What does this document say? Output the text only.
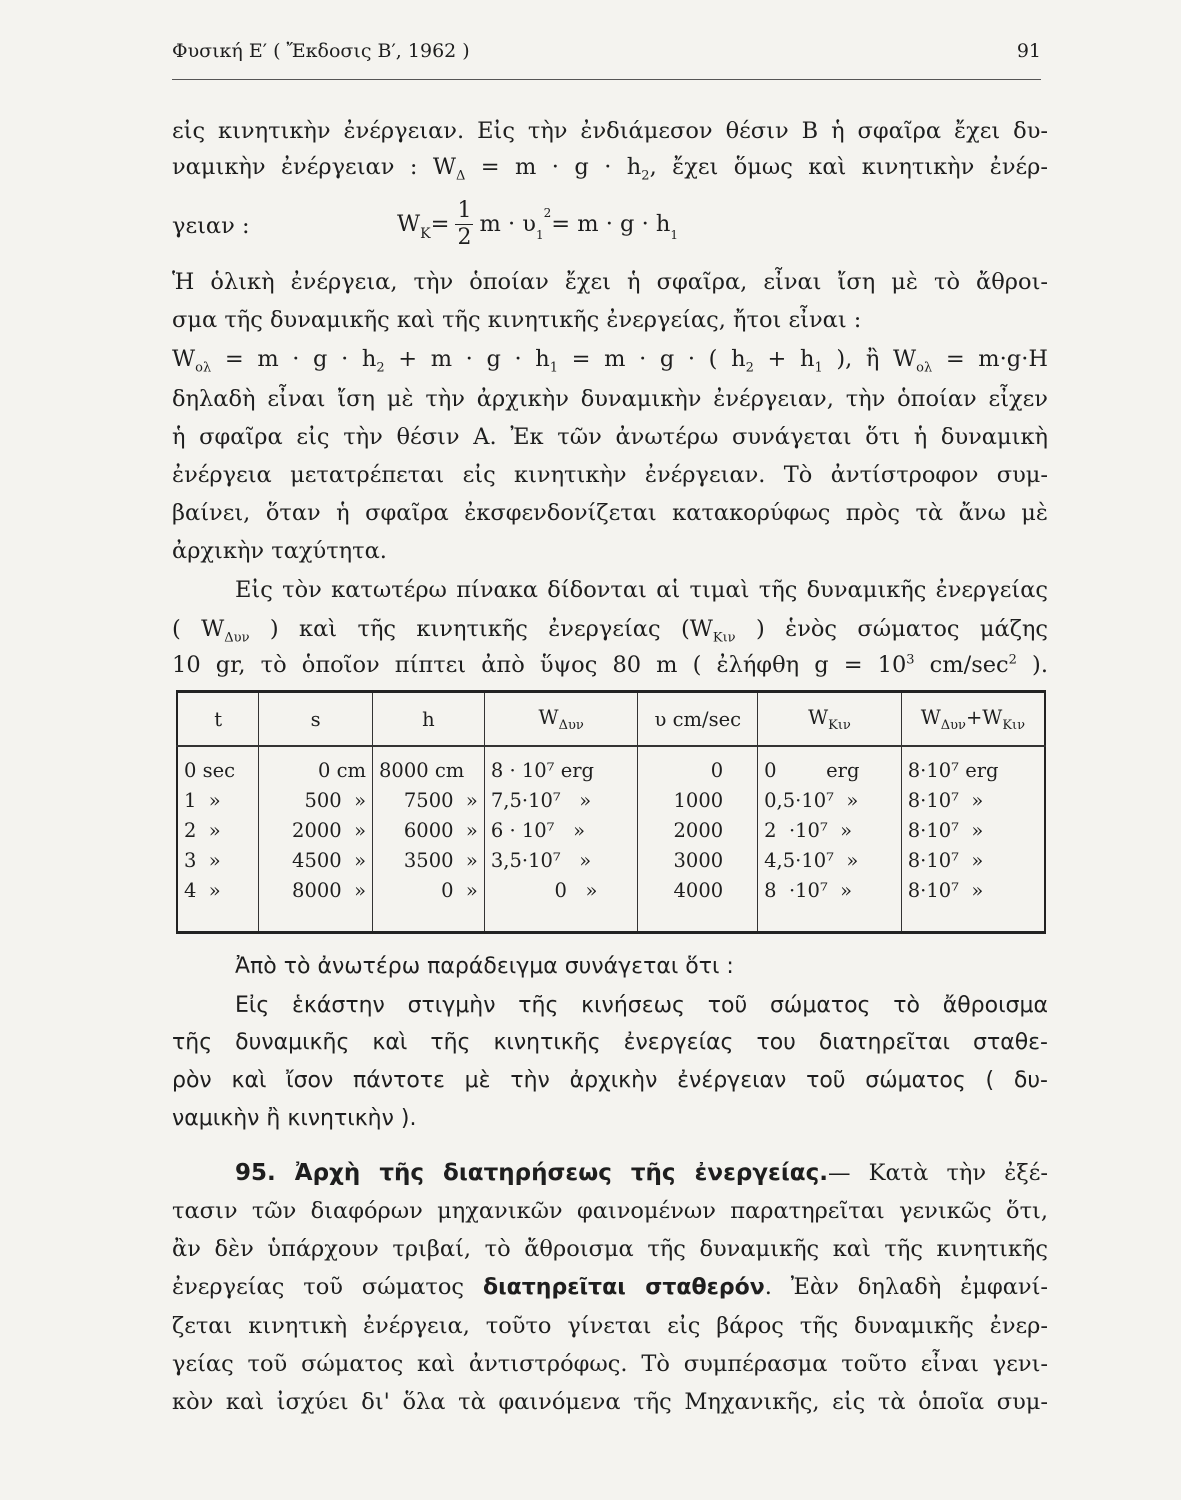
Φυσική Ε′ ( Ἔκδοσις Β′, 1962 )	91
εἰς κινητικὴν ἐνέργειαν. Εἰς τὴν ἐνδιάμεσον θέσιν Β ἡ σφαῖρα ἔχει δυ-
ναμικὴν ἐνέργειαν : $W_\Delta = m \cdot g \cdot h_2$, ἔχει ὅμως καὶ κινητικὴν ἐνέρ-
γειαν :	$W_K = \frac{1}{2}$ $m \cdot \upsilon_1$
$2 = m \cdot g \cdot h_1$
Ἡ ὁλικὴ ἐνέργεια, τὴν ὁποίαν ἔχει ἡ σφαῖρα, εἶναι ἴση μὲ τὸ ἄθροι-
σμα τῆς δυναμικῆς καὶ τῆς κινητικῆς ἐνεργείας, ἤτοι εἶναι :
$W_{o\lambda} = m \cdot g \cdot h_2 + m \cdot g \cdot h_1 = m \cdot g$ · ( $h_2 + h_1$ ), ἢ $W_{o\lambda} = m\cdot g\cdot H$
δηλαδὴ εἶναι ἴση μὲ τὴν ἀρχικὴν δυναμικὴν ἐνέργειαν, τὴν ὁποίαν εἶχεν
ἡ σφαῖρα εἰς τὴν θέσιν Α. Ἐκ τῶν ἀνωτέρω συνάγεται ὅτι ἡ δυναμικὴ
ἐνέργεια μετατρέπεται εἰς κινητικὴν ἐνέργειαν. Τὸ ἀντίστροφον συμ-
βαίνει, ὅταν ἡ σφαῖρα ἐκσφενδονίζεται κατακορύφως πρὸς τὰ ἄνω μὲ
ἀρχικὴν ταχύτητα.
Εἰς τὸν κατωτέρω πίνακα δίδονται αἱ τιμαὶ τῆς δυναμικῆς ἐνεργείας
( $W_{\Delta\upsilon\nu}$ ) καὶ τῆς κινητικῆς ἐνεργείας ($W_{K\iota\nu}$ ) ἑνὸς σώματος μάζης
10 gr, τὸ ὁποῖον πίπτει ἀπὸ ὕψος 80 m ( ἐλήφθη $g = 10^3$ $cm/\sec^2$ ).
t	s	h	$W_{\Delta\upsilon\nu}$	υ cm/sec	$W_{K\iota\nu}$	$W_{\Delta\upsilon\nu}+W_{K\iota\nu}$
0 sec	0 cm	8000 cm	8 · 10⁷ erg	0	0        erg	8·10⁷ erg
1  »	500  »	7500  »	7,5·10⁷   »	1000	0,5·10⁷  »	8·10⁷  »
2  »	2000  »	6000  »	6 · 10⁷   »	2000	2  ·10⁷  »	8·10⁷  »
3  »	4500  »	3500  »	3,5·10⁷   »	3000	4,5·10⁷  »	8·10⁷  »
4  »	8000  »	0  »	0   »	4000	8  ·10⁷  »	8·10⁷  »

Ἀπὸ τὸ ἀνωτέρω παράδειγμα συνάγεται ὅτι :
Εἰς ἑκάστην στιγμὴν τῆς κινήσεως τοῦ σώματος τὸ ἄθροισμα
τῆς δυναμικῆς καὶ τῆς κινητικῆς ἐνεργείας του διατηρεῖται σταθε-
ρὸν καὶ ἴσον πάντοτε μὲ τὴν ἀρχικὴν ἐνέργειαν τοῦ σώματος ( δυ-
ναμικὴν ἢ κινητικὴν ).
95. Ἀρχὴ τῆς διατηρήσεως τῆς ἐνεργείας.— Κατὰ τὴν ἐξέ-
τασιν τῶν διαφόρων μηχανικῶν φαινομένων παρατηρεῖται γενικῶς ὅτι,
ἂν δὲν ὑπάρχουν τριβαί, τὸ ἄθροισμα τῆς δυναμικῆς καὶ τῆς κινητικῆς
ἐνεργείας τοῦ σώματος διατηρεῖται σταθερόν. Ἐὰν δηλαδὴ ἐμφανί-
ζεται κινητικὴ ἐνέργεια, τοῦτο γίνεται εἰς βάρος τῆς δυναμικῆς ἐνερ-
γείας τοῦ σώματος καὶ ἀντιστρόφως. Τὸ συμπέρασμα τοῦτο εἶναι γενι-
κὸν καὶ ἰσχύει δι' ὅλα τὰ φαινόμενα τῆς Μηχανικῆς, εἰς τὰ ὁποῖα συμ-
